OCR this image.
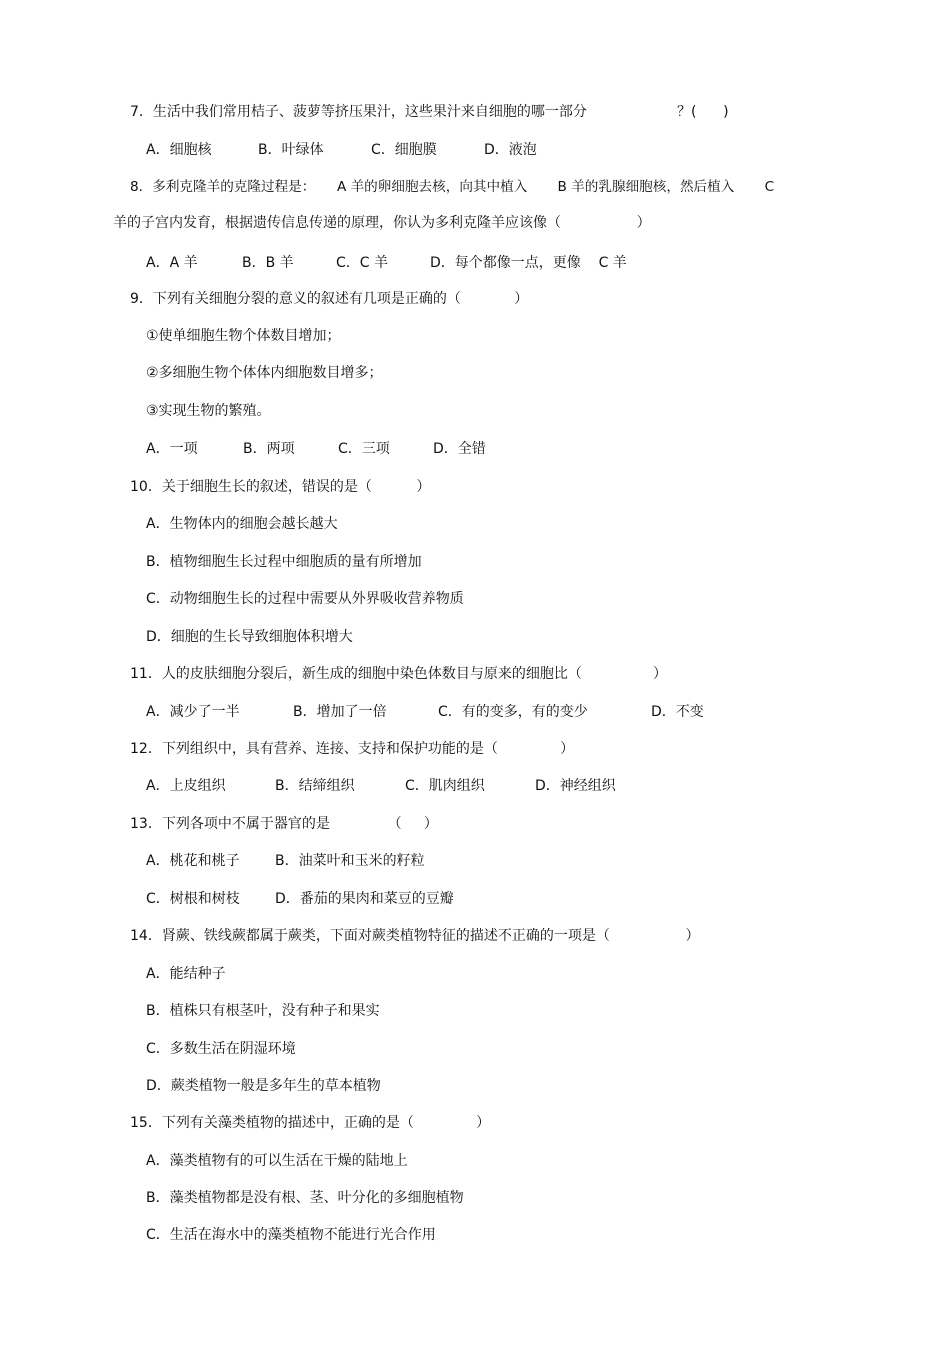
7．生活中我们常用桔子、菠萝等挤压果汁，这些果汁来自细胞的哪一部分	？(      )

A．细胞核

	B．叶绿体

	C．细胞膜

	D．液泡

8．多利克隆羊的克隆过程是：     A 羊的卵细胞去核，向其中植入       B 羊的乳腺细胞核，然后植入       C
羊的子宫内发育，根据遗传信息传递的原理，你认为多利克隆羊应该像（                 ）

A．A 羊

	B．B 羊

	C．C 羊

	D．每个都像一点，更像    C 羊

9．下列有关细胞分裂的意义的叙述有几项是正确的（            ）
①使单细胞生物个体数目增加；
②多细胞生物个体体内细胞数目增多；
③实现生物的繁殖。

A．一项

	B．两项

	C．三项

	D．全错

10．关于细胞生长的叙述，错误的是（          ）
A．生物体内的细胞会越长越大
B．植物细胞生长过程中细胞质的量有所增加
C．动物细胞生长的过程中需要从外界吸收营养物质
D．细胞的生长导致细胞体积增大
11．人的皮肤细胞分裂后，新生成的细胞中染色体数目与原来的细胞比（                ）

A．减少了一半

	B．增加了一倍

	C．有的变多，有的变少

	D．不变

12．下列组织中，具有营养、连接、支持和保护功能的是（              ）

A．上皮组织

	B．结缔组织

	C．肌肉组织

	D．神经组织

13．下列各项中不属于器官的是             （     ）

A．桃花和桃子

	B．油菜叶和玉米的籽粒

C．树根和树枝

	D．番茄的果肉和菜豆的豆瓣

14．肾蕨、铁线蕨都属于蕨类，下面对蕨类植物特征的描述不正确的一项是（                 ）
A．能结种子
B．植株只有根茎叶，没有种子和果实
C．多数生活在阴湿环境
D．蕨类植物一般是多年生的草本植物
15．下列有关藻类植物的描述中，正确的是（              ）
A．藻类植物有的可以生活在干燥的陆地上
B．藻类植物都是没有根、茎、叶分化的多细胞植物
C．生活在海水中的藻类植物不能进行光合作用
